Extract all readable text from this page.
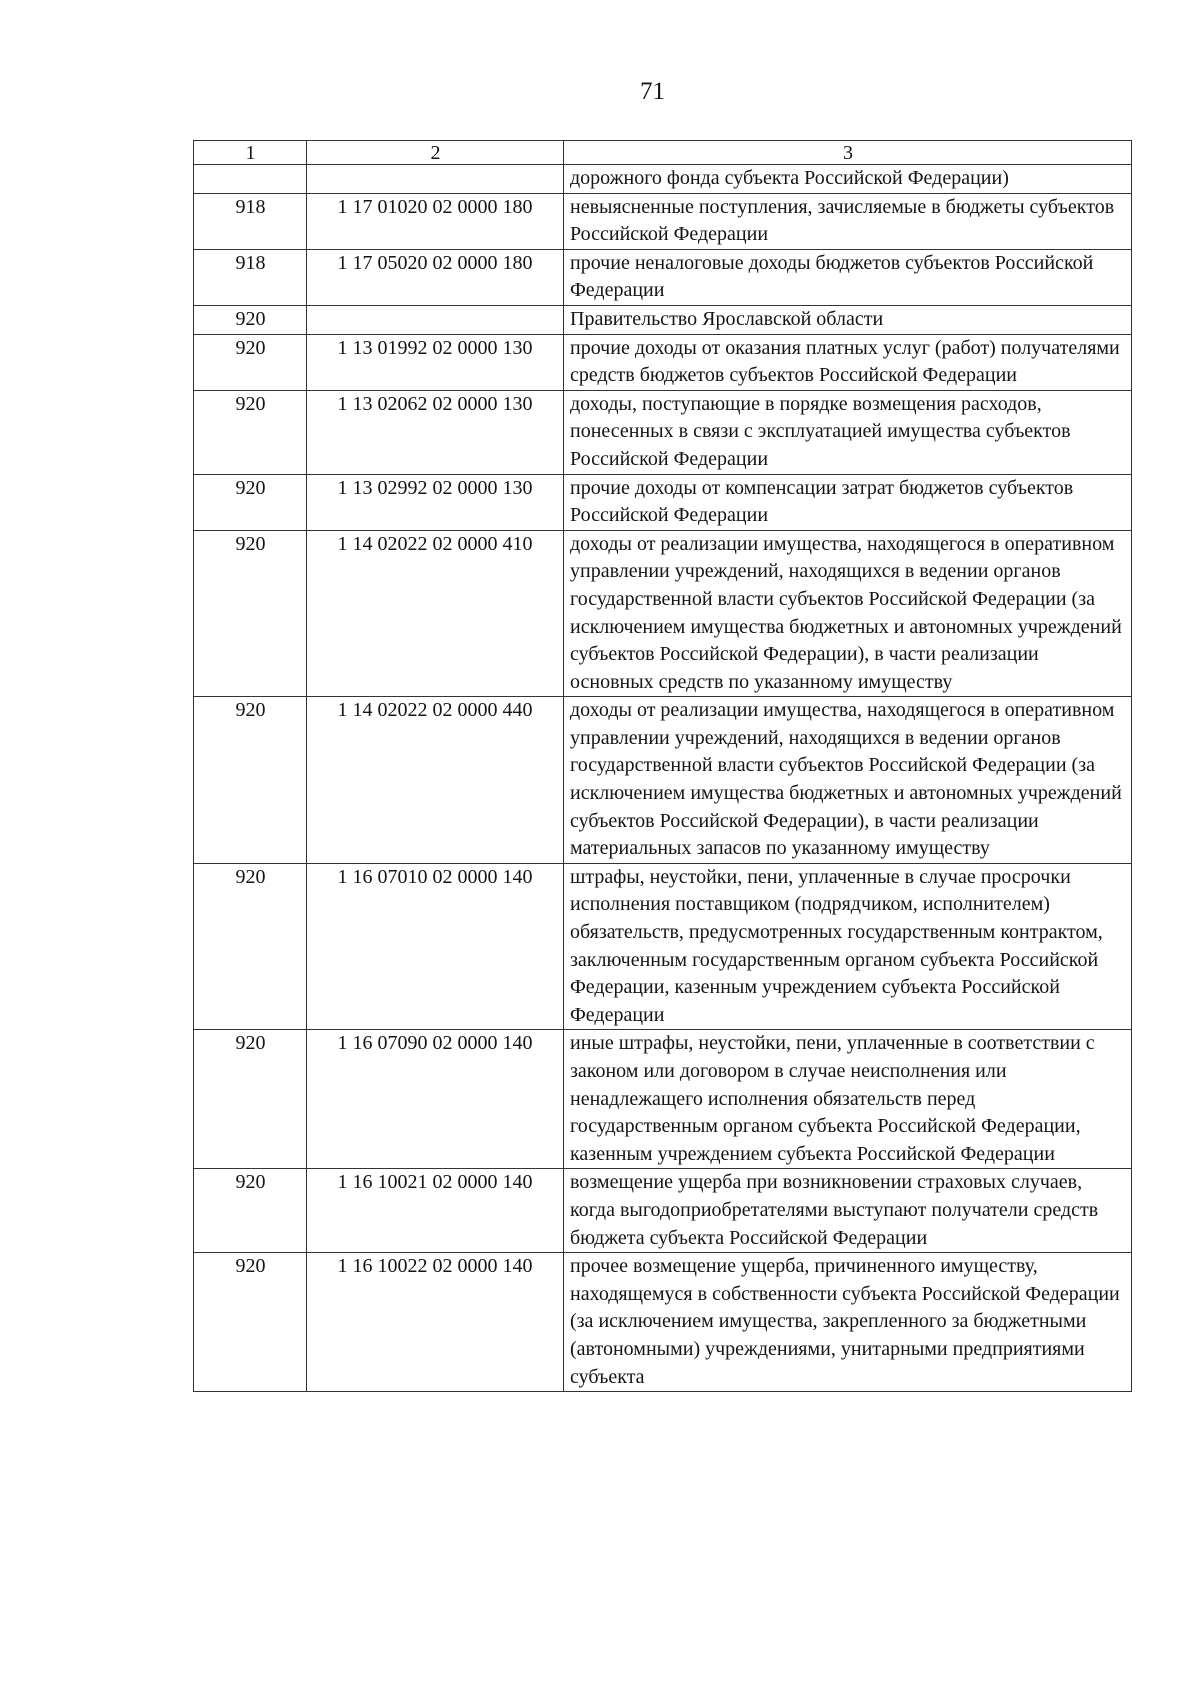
71
1	2	3
		дорожного фонда субъекта Российской Федерации)
918	1 17 01020 02 0000 180	невыясненные поступления, зачисляемые в бюджеты субъектов Российской Федерации
918	1 17 05020 02 0000 180	прочие неналоговые доходы бюджетов субъектов Российской Федерации
920		Правительство Ярославской области
920	1 13 01992 02 0000 130	прочие доходы от оказания платных услуг (работ) получателями средств бюджетов субъектов Российской Федерации
920	1 13 02062 02 0000 130	доходы, поступающие в порядке возмещения расходов, понесенных в связи с эксплуатацией имущества субъектов Российской Федерации
920	1 13 02992 02 0000 130	прочие доходы от компенсации затрат бюджетов субъектов Российской Федерации
920	1 14 02022 02 0000 410	доходы от реализации имущества, находящегося в оперативном управлении учреждений, находящихся в ведении органов государственной власти субъектов Российской Федерации (за исключением имущества бюджетных и автономных учреждений субъектов Российской Федерации), в части реализации основных средств по указанному имуществу
920	1 14 02022 02 0000 440	доходы от реализации имущества, находящегося в оперативном управлении учреждений, находящихся в ведении органов государственной власти субъектов Российской Федерации (за исключением имущества бюджетных и автономных учреждений субъектов Российской Федерации), в части реализации материальных запасов по указанному имуществу
920	1 16 07010 02 0000 140	штрафы, неустойки, пени, уплаченные в случае просрочки исполнения поставщиком (подрядчиком, исполнителем) обязательств, предусмотренных государственным контрактом, заключенным государственным органом субъекта Российской Федерации, казенным учреждением субъекта Российской Федерации
920	1 16 07090 02 0000 140	иные штрафы, неустойки, пени, уплаченные в соответствии с законом или договором в случае неисполнения или ненадлежащего исполнения обязательств перед государственным органом субъекта Российской Федерации, казенным учреждением субъекта Российской Федерации
920	1 16 10021 02 0000 140	возмещение ущерба при возникновении страховых случаев, когда выгодоприобретателями выступают получатели средств бюджета субъекта Российской Федерации
920	1 16 10022 02 0000 140	прочее возмещение ущерба, причиненного имуществу, находящемуся в собственности субъекта Российской Федерации (за исключением имущества, закрепленного за бюджетными (автономными) учреждениями, унитарными предприятиями субъекта
